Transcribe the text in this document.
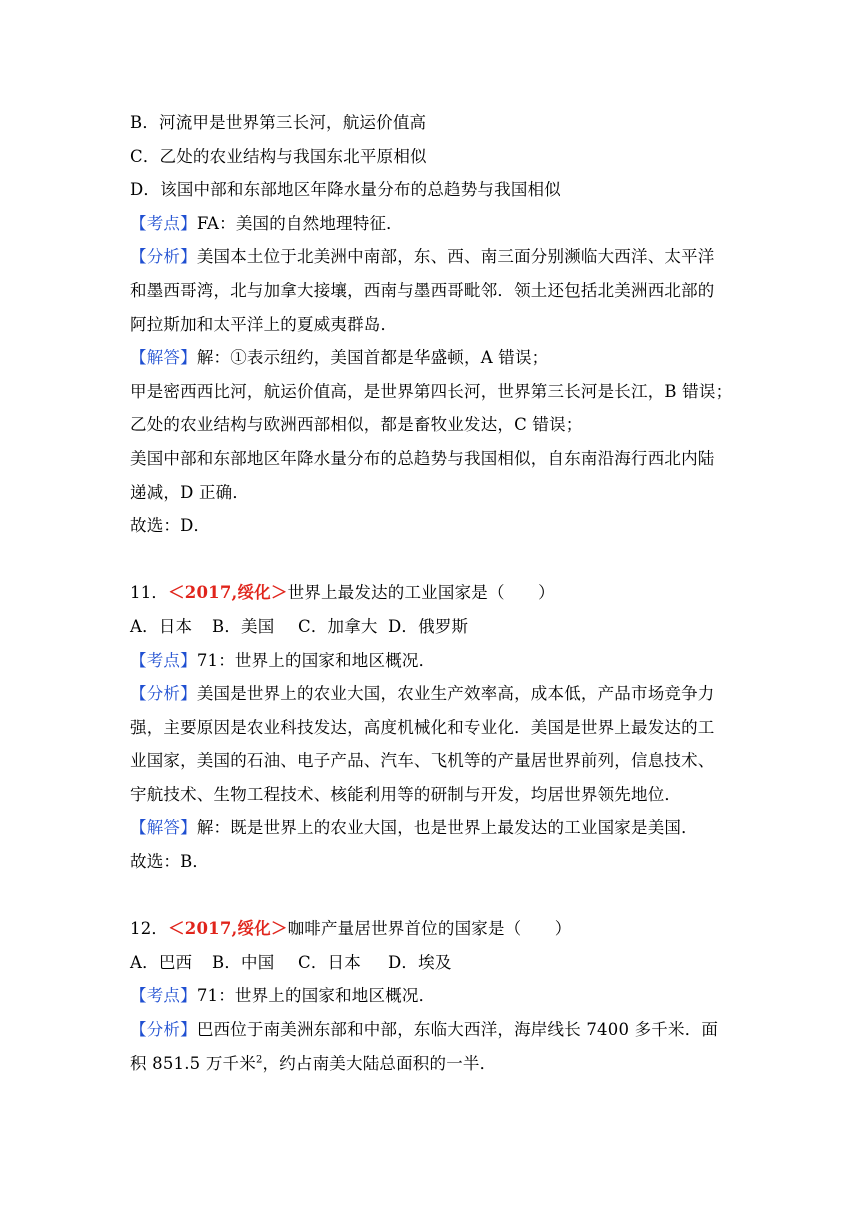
B．河流甲是世界第三长河，航运价值高
C．乙处的农业结构与我国东北平原相似
D．该国中部和东部地区年降水量分布的总趋势与我国相似
【考点】FA：美国的自然地理特征．
【分析】美国本土位于北美洲中南部，东、西、南三面分别濒临大西洋、太平洋
和墨西哥湾，北与加拿大接壤，西南与墨西哥毗邻．领土还包括北美洲西北部的
阿拉斯加和太平洋上的夏威夷群岛．
【解答】解：①表示纽约，美国首都是华盛顿，A 错误；
甲是密西西比河，航运价值高，是世界第四长河，世界第三长河是长江，B 错误；
乙处的农业结构与欧洲西部相似，都是畜牧业发达，C 错误；
美国中部和东部地区年降水量分布的总趋势与我国相似，自东南沿海行西北内陆
递减，D 正确．
故选：D．
11．＜2017,绥化＞世界上最发达的工业国家是（　　）
A．日本 B．美国 C．加拿大 D．俄罗斯
【考点】71：世界上的国家和地区概况．
【分析】美国是世界上的农业大国，农业生产效率高，成本低，产品市场竞争力
强，主要原因是农业科技发达，高度机械化和专业化．美国是世界上最发达的工
业国家，美国的石油、电子产品、汽车、飞机等的产量居世界前列，信息技术、
宇航技术、生物工程技术、核能利用等的研制与开发，均居世界领先地位．
【解答】解：既是世界上的农业大国，也是世界上最发达的工业国家是美国．
故选：B．
12．＜2017,绥化＞咖啡产量居世界首位的国家是（　　）
A．巴西 B．中国 C．日本 D．埃及
【考点】71：世界上的国家和地区概况．
【分析】巴西位于南美洲东部和中部，东临大西洋，海岸线长 7400 多千米．面
积 851.5 万千米$^2$，约占南美大陆总面积的一半．
